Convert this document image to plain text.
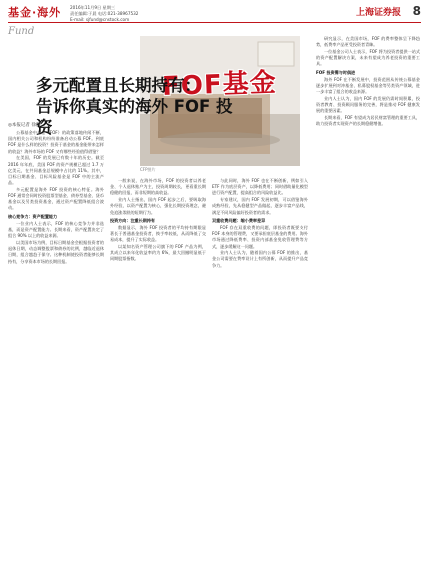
基金·海外 2016年11月9日 星期三
责任编辑:于晨 电话:021-38967532
E-mail: sjfund@cnstock.com
上海证券报 8
Fund
FOF基金
CFP图片
多元配置且长期持有：
告诉你真实的海外 FOF 投资
◎本报记者 徐静

公募基金中基金（FOF）的政策落地传闻不断，国内相关公司和机构纷纷准备启动公募 FOF。到底 FOF 是什么样的投资？投资于基金的基金能带来怎样的收益？海外市场的 FOF 又有哪些经验值得借鉴？

在美国，FOF 的发展已有数十年的历史。截至 2016 年年底，美国 FOF 的资产规模已超过 1.7 万亿美元，在共同基金总规模中占比约 11%。其中，目标日期基金、目标风险基金是 FOF 中的主流产品。

多元配置是海外 FOF 投资的核心特征。海外 FOF 通常会同时投资股票型基金、债券型基金、货币基金以及另类投资基金，通过资产配置降低组合波动。

核心竞争力：资产配置能力

一位业内人士表示，FOF 的核心竞争力并非选基，而是资产配置能力。长期来看，资产配置决定了组合 90% 以上的收益来源。

以美国市场为例，目标日期基金会根据投资者的退休日期，动态调整股票和债券的比例，越临近退休日期，组合越趋于保守。这种机制使投资者能够长期持有，分享资本市场的长期回报。

一般来说，在海外市场，FOF 的投资者以养老金、个人退休账户为主，投资周期较长，更看重长期稳健的回报，而非短期的高收益。

业内人士指出，国内 FOF 起步之后，要吸取海外经验，以资产配置为核心，强化长期投资理念，避免追涨杀跌的短期行为。

投资方向：注重长期持有

数据显示，海外 FOF 投资者的平均持有期限显著长于普通基金投资者，换手率较低，从而降低了交易成本，提升了实际收益。

以某知名资产管理公司旗下的 FOF 产品为例，其成立以来年化收益率约为 6%，最大回撤明显低于同期股票指数。

与此同时，海外 FOF 也在不断创新，例如引入 ETF 作为底层资产，以降低费用；同时借助量化模型进行资产配置，提高组合的风险收益比。

专家建议，国内 FOF 发展初期，可以借鉴海外成熟经验，先从稳健型产品做起，逐步丰富产品线，满足不同风险偏好投资者的需求。

双重收费问题：缩小费率差异

FOF 存在双重收费的问题，即投资者既要支付 FOF 本身的管理费，又要承担底层基金的费用。海外市场通过降低费率、投资内部基金免收管理费等方式，逐步缓解这一问题。

业内人士认为，随着国内公募 FOF 的推出，基金公司需要在费率设计上有所创新，从而提升产品竞争力。

研究显示，在美国市场，FOF 的费率整体呈下降趋势，低费率产品更受投资者青睐。

一位基金公司人士表示，FOF 将为投资者提供一站式的资产配置解决方案，未来有望成为养老投资的重要工具。

FOF 投资需与时俱进

海外 FOF 在不断发展中，投资范围从传统公募基金逐步扩展到对冲基金、私募股权基金等另类资产领域，进一步丰富了组合的收益来源。

业内人士认为，国内 FOF 的发展仍需时间积累，投资者教育、投资顾问服务的完善，将是推动 FOF 健康发展的重要因素。

长期来看，FOF 有望成为居民财富管理的重要工具，助力投资者实现资产的长期稳健增值。
